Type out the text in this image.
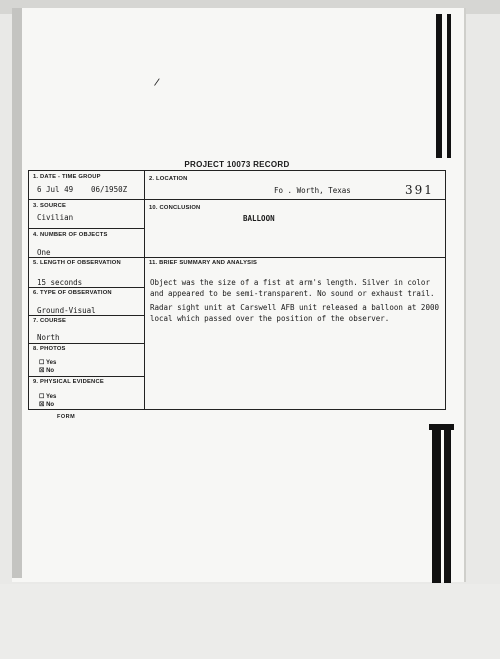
/
PROJECT 10073 RECORD
391
1. DATE - TIME GROUP
6 Jul 49 06/1950Z
2. LOCATION
Fo . Worth, Texas
3. SOURCE
Civilian
10. CONCLUSION
BALLOON
4. NUMBER OF OBJECTS
One
5. LENGTH OF OBSERVATION
15 seconds
11. BRIEF SUMMARY AND ANALYSIS

Object was the size of a fist at arm's length. Silver in color and appeared to be semi-transparent. No sound or exhaust trail.

Radar sight unit at Carswell AFB unit released a balloon at 2000 local which passed over the position of the observer.

6. TYPE OF OBSERVATION
Ground-Visual
7. COURSE
North
8. PHOTOS
☐ Yes
☒ No
9. PHYSICAL EVIDENCE
☐ Yes
☒ No
FORM
